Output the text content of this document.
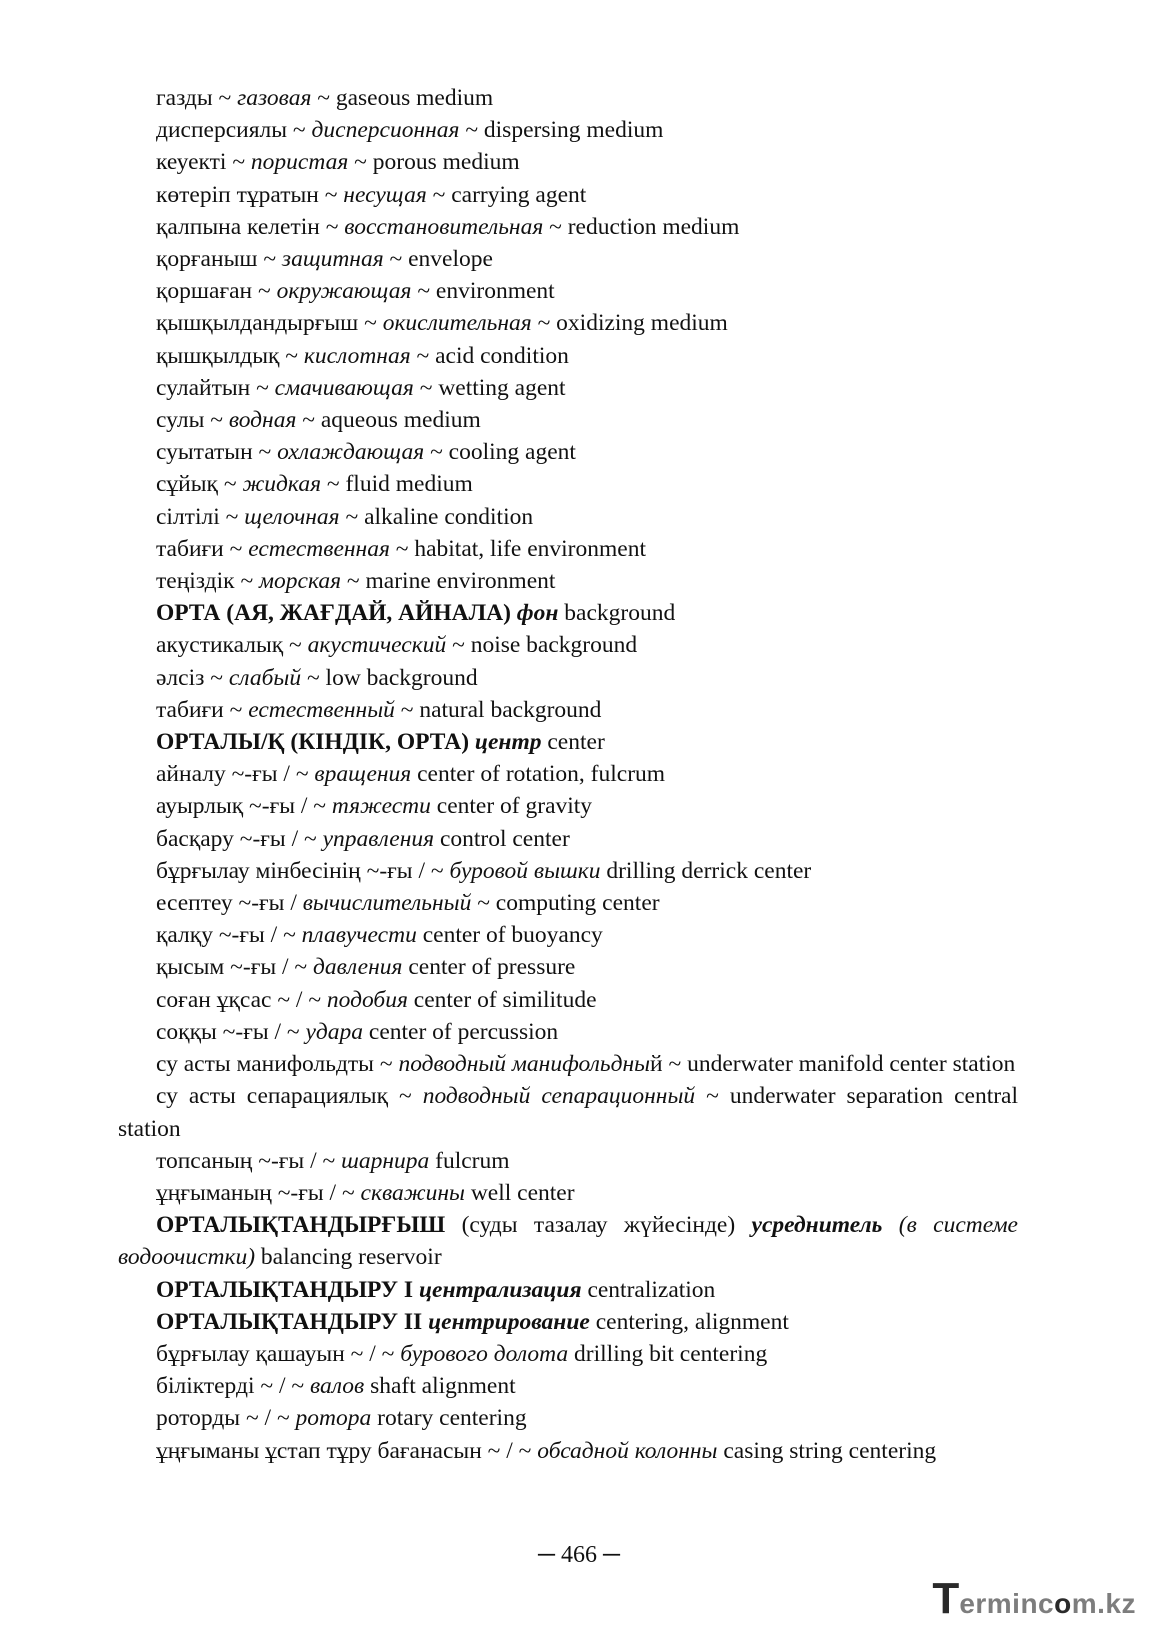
газды ~ газовая ~ gaseous medium

дисперсиялы ~ дисперсионная ~ dispersing medium

кеуекті ~ пористая ~ porous medium

көтеріп тұратын ~ несущая ~ carrying agent

қалпына келетін ~ восстановительная ~ reduction medium

қорғаныш ~ защитная ~ envelope

қоршаған ~ окружающая ~ environment

қышқылдандырғыш ~ окислительная ~ oxidizing medium

қышқылдық ~ кислотная ~ acid condition

сулайтын ~ смачивающая ~ wetting agent

сулы ~ водная ~ aqueous medium

суытатын ~ охлаждающая ~ cooling agent

сұйық ~ жидкая ~ fluid medium

сілтілі ~ щелочная ~ alkaline condition

табиғи ~ естественная ~ habitat, life environment

теңіздік ~ морская ~ marine environment

ОРТА (АЯ, ЖАҒДАЙ, АЙНАЛА) фон background

акустикалық ~ акустический ~ noise background

әлсіз ~ слабый ~ low background

табиғи ~ естественный ~ natural background

ОРТАЛЫ/Қ (КІНДІК, ОРТА) центр center

айналу ~-ғы / ~ вращения center of rotation, fulcrum

ауырлық ~-ғы / ~ тяжести center of gravity

басқару ~-ғы / ~ управления control center

бұрғылау мінбесінің ~-ғы / ~ буровой вышки drilling derrick center

есептеу ~-ғы / вычислительный ~ computing center

қалқу ~-ғы / ~ плавучести center of buoyancy

қысым ~-ғы / ~ давления center of pressure

соған ұқсас ~ / ~ подобия center of similitude

соққы ~-ғы / ~ удара center of percussion

су асты манифольдты ~ подводный манифольдный ~ underwater manifold center station

су асты сепарациялық ~ подводный сепарационный ~ underwater separation central station

топсаның ~-ғы / ~ шарнира fulcrum

ұңғыманың ~-ғы / ~ скважины well center

ОРТАЛЫҚТАНДЫРҒЫШ (суды тазалау жүйесінде) усреднитель (в системе водоочистки) balancing reservoir

ОРТАЛЫҚТАНДЫРУ I централизация centralization

ОРТАЛЫҚТАНДЫРУ II центрирование centering, alignment

бұрғылау қашауын ~ / ~ бурового долота drilling bit centering

біліктерді ~ / ~ валов shaft alignment

роторды ~ / ~ ротора rotary centering

ұңғыманы ұстап тұру бағанасын ~ / ~ обсадной колонны casing string centering

─ 466 ─
T ermincom.kz
